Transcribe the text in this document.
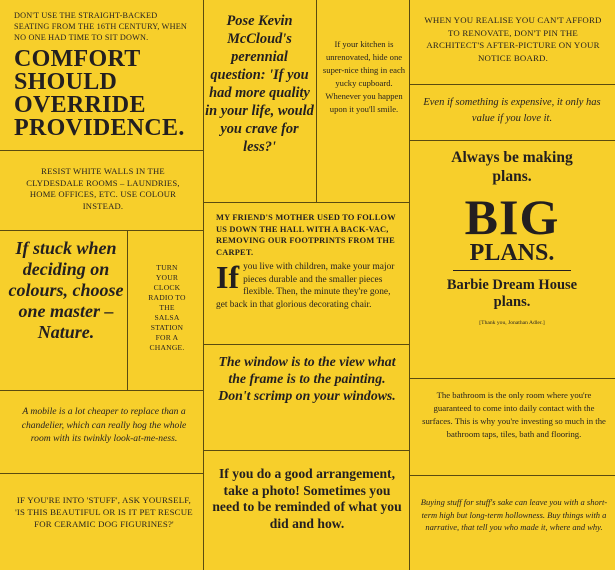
DON'T USE THE STRAIGHT-BACKED SEATING FROM THE 16TH CENTURY, WHEN NO ONE HAD TIME TO SIT DOWN.
COMFORT SHOULD OVERRIDE PROVIDENCE.
RESIST WHITE WALLS IN THE CLYDESDALE ROOMS – LAUNDRIES, HOME OFFICES, ETC. USE COLOUR INSTEAD.
If stuck when deciding on colours, choose one master – Nature.
TURN YOUR CLOCK RADIO TO THE SALSA STATION FOR A CHANGE.
A mobile is a lot cheaper to replace than a chandelier, which can really hog the whole room with its twinkly look-at-me-ness.
IF YOU'RE INTO 'STUFF', ASK YOURSELF, 'IS THIS BEAUTIFUL OR IS IT PET RESCUE FOR CERAMIC DOG FIGURINES?'
Pose Kevin McCloud's perennial question: 'If you had more quality in your life, would you crave for less?'
If your kitchen is unrenovated, hide one super-nice thing in each yucky cupboard. Whenever you happen upon it you'll smile.
MY FRIEND'S MOTHER USED TO FOLLOW US DOWN THE HALL WITH A BACK-VAC, REMOVING OUR FOOTPRINTS FROM THE CARPET.
If you live with children, make your major pieces durable and the smaller pieces flexible. Then, the minute they're gone, get back in that glorious decorating chair.
The window is to the view what the frame is to the painting. Don't scrimp on your windows.
If you do a good arrangement, take a photo! Sometimes you need to be reminded of what you did and how.
WHEN YOU REALISE YOU CAN'T AFFORD TO RENOVATE, DON'T PIN THE ARCHITECT'S AFTER-PICTURE ON YOUR NOTICE BOARD.
Even if something is expensive, it only has value if you love it.
Always be making plans.
BIG
PLANS.
Barbie Dream House plans.
[Thank you, Jonathan Adler.]
The bathroom is the only room where you're guaranteed to come into daily contact with the surfaces. This is why you're investing so much in the bathroom taps, tiles, bath and flooring.
Buying stuff for stuff's sake can leave you with a short-term high but long-term hollowness. Buy things with a narrative, that tell you who made it, where and why.
